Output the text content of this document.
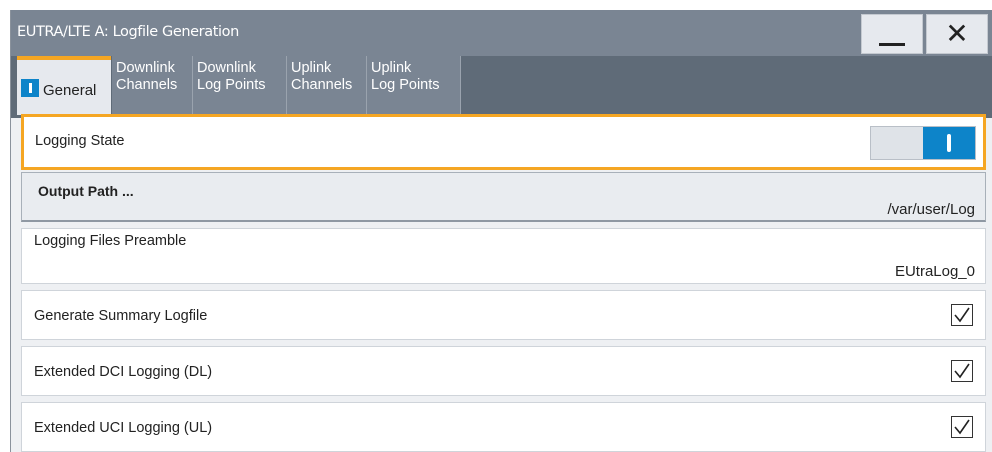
EUTRA/LTE A: Logfile Generation	✕
General
Downlink
Channels
Downlink
Log Points
Uplink
Channels
Uplink
Log Points
Logging State
Output Path ...
/var/user/Log
Logging Files Preamble
EUtraLog_0
Generate Summary Logfile
Extended DCI Logging (DL)
Extended UCI Logging (UL)
